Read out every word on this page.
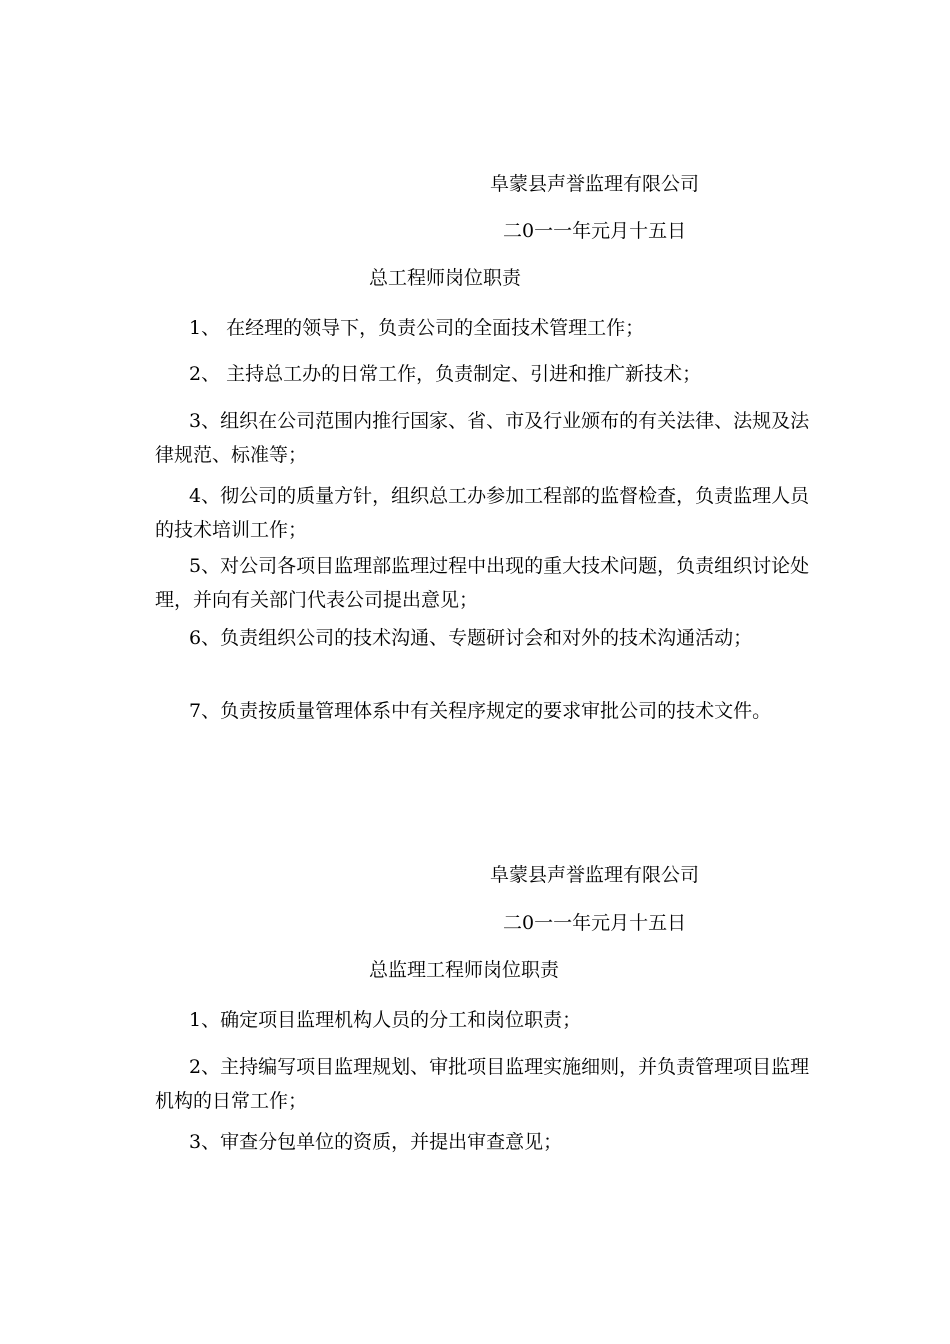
阜蒙县声誉监理有限公司
二0一一年元月十五日
总工程师岗位职责
1、 在经理的领导下，负责公司的全面技术管理工作；
2、 主持总工办的日常工作，负责制定、引进和推广新技术；
3、组织在公司范围内推行国家、省、市及行业颁布的有关法律、法规及法律规范、标准等；
4、彻公司的质量方针，组织总工办参加工程部的监督检查，负责监理人员的技术培训工作；
5、对公司各项目监理部监理过程中出现的重大技术问题，负责组织讨论处理，并向有关部门代表公司提出意见；
6、负责组织公司的技术沟通、专题研讨会和对外的技术沟通活动；
7、负责按质量管理体系中有关程序规定的要求审批公司的技术文件。
阜蒙县声誉监理有限公司
二0一一年元月十五日
总监理工程师岗位职责
1、确定项目监理机构人员的分工和岗位职责；
2、主持编写项目监理规划、审批项目监理实施细则，并负责管理项目监理机构的日常工作；
3、审查分包单位的资质，并提出审查意见；
